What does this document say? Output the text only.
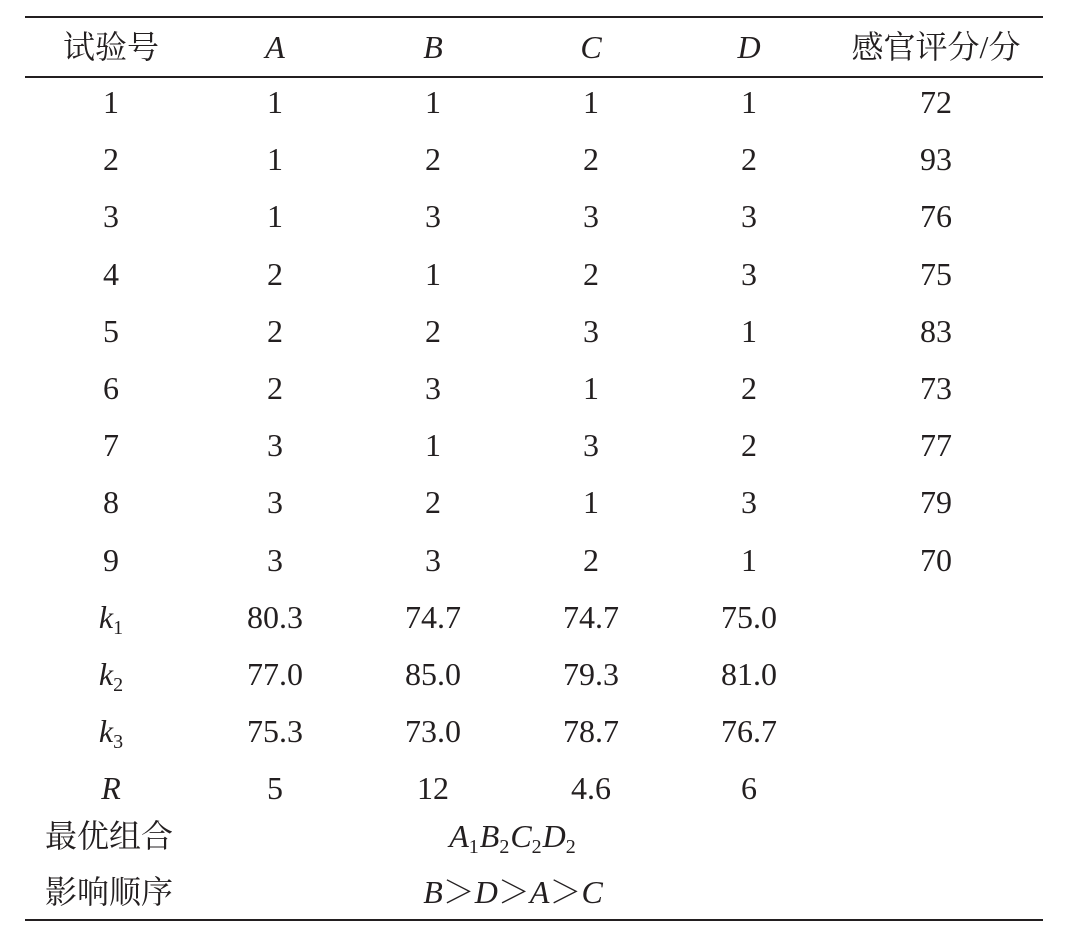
试验号	A	B	C	D	感官评分/分
1	1	1	1	1	72
2	1	2	2	2	93
3	1	3	3	3	76
4	2	1	2	3	75
5	2	2	3	1	83
6	2	3	1	2	73
7	3	1	3	2	77
8	3	2	1	3	79
9	3	3	2	1	70
k1	80.3	74.7	74.7	75.0
k2	77.0	85.0	79.3	81.0
k3	75.3	73.0	78.7	76.7
R	5	12	4.6	6
最优组合	A1B2C2D2
影响顺序	B＞D＞A＞C
